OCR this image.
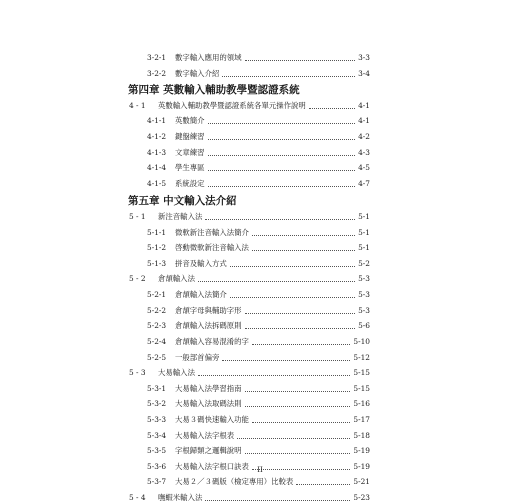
3-2-1 數字輸入應用的領域	3-3
3-2-2 數字輸入介紹	3-4
第四章 英數輸入輔助教學暨認證系統
4 - 1 英數輸入輔助教學暨認證系統各單元操作說明	4-1
4-1-1 英數簡介	4-1
4-1-2 鍵盤練習	4-2
4-1-3 文章練習	4-3
4-1-4 學生專區	4-5
4-1-5 系統設定	4-7
第五章 中文輸入法介紹
5 - 1 新注音輸入法	5-1
5-1-1 微軟新注音輸入法簡介	5-1
5-1-2 啓動微軟新注音輸入法	5-1
5-1-3 拼音及輸入方式	5-2
5 - 2 倉頡輸入法	5-3
5-2-1 倉頡輸入法簡介	5-3
5-2-2 倉頡字母與輔助字形	5-3
5-2-3 倉頡輸入法拆碼原則	5-6
5-2-4 倉頡輸入容易混淆的字	5-10
5-2-5 一般部首偏旁	5-12
5 - 3 大易輸入法	5-15
5-3-1 大易輸入法學習指南	5-15
5-3-2 大易輸入法取碼法則	5-16
5-3-3 大易３碼快速輸入功能	5-17
5-3-4 大易輸入法字根表	5-18
5-3-5 字根歸類之邏輯說明	5-19
5-3-6 大易輸入法字根口訣表	5-19
5-3-7 大易２／３碼版（檢定專用）比較表	5-21
5 - 4 嘸蝦米輸入法	5-23
II
